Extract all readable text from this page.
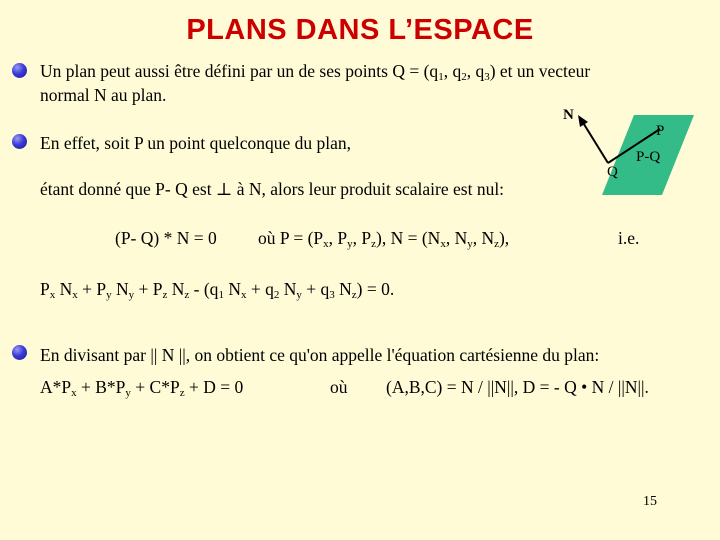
PLANS DANS L’ESPACE
Un plan peut aussi être défini par un de ses points $Q = (q_1$, $q_2$, $q_3$) et un vecteur
normal N au plan.
En effet, soit P un point quelconque du plan,
N
P
Q
P-Q
étant donné que P- Q est ⊥ à N, alors leur produit scalaire est nul:
(P- Q) * N = 0 où $P = (P_x$, $P_y$, $P_z$), $N = (N_x$, $N_y$, $N_z$),	i.e.
$P_x$ $N_x + P_y$ $N_y + P_z$ $N_z - (q_1$ $N_x + q_2$ $N_y + q_3$ $N_z) = 0$.
En divisant par || N ||, on obtient ce qu'on appelle l'équation cartésienne du plan:
$A*P_x + B*P_y + C*P_z + D = 0$	où (A,B,C) = N / ||N||, D = - Q • N / ||N||.
15
